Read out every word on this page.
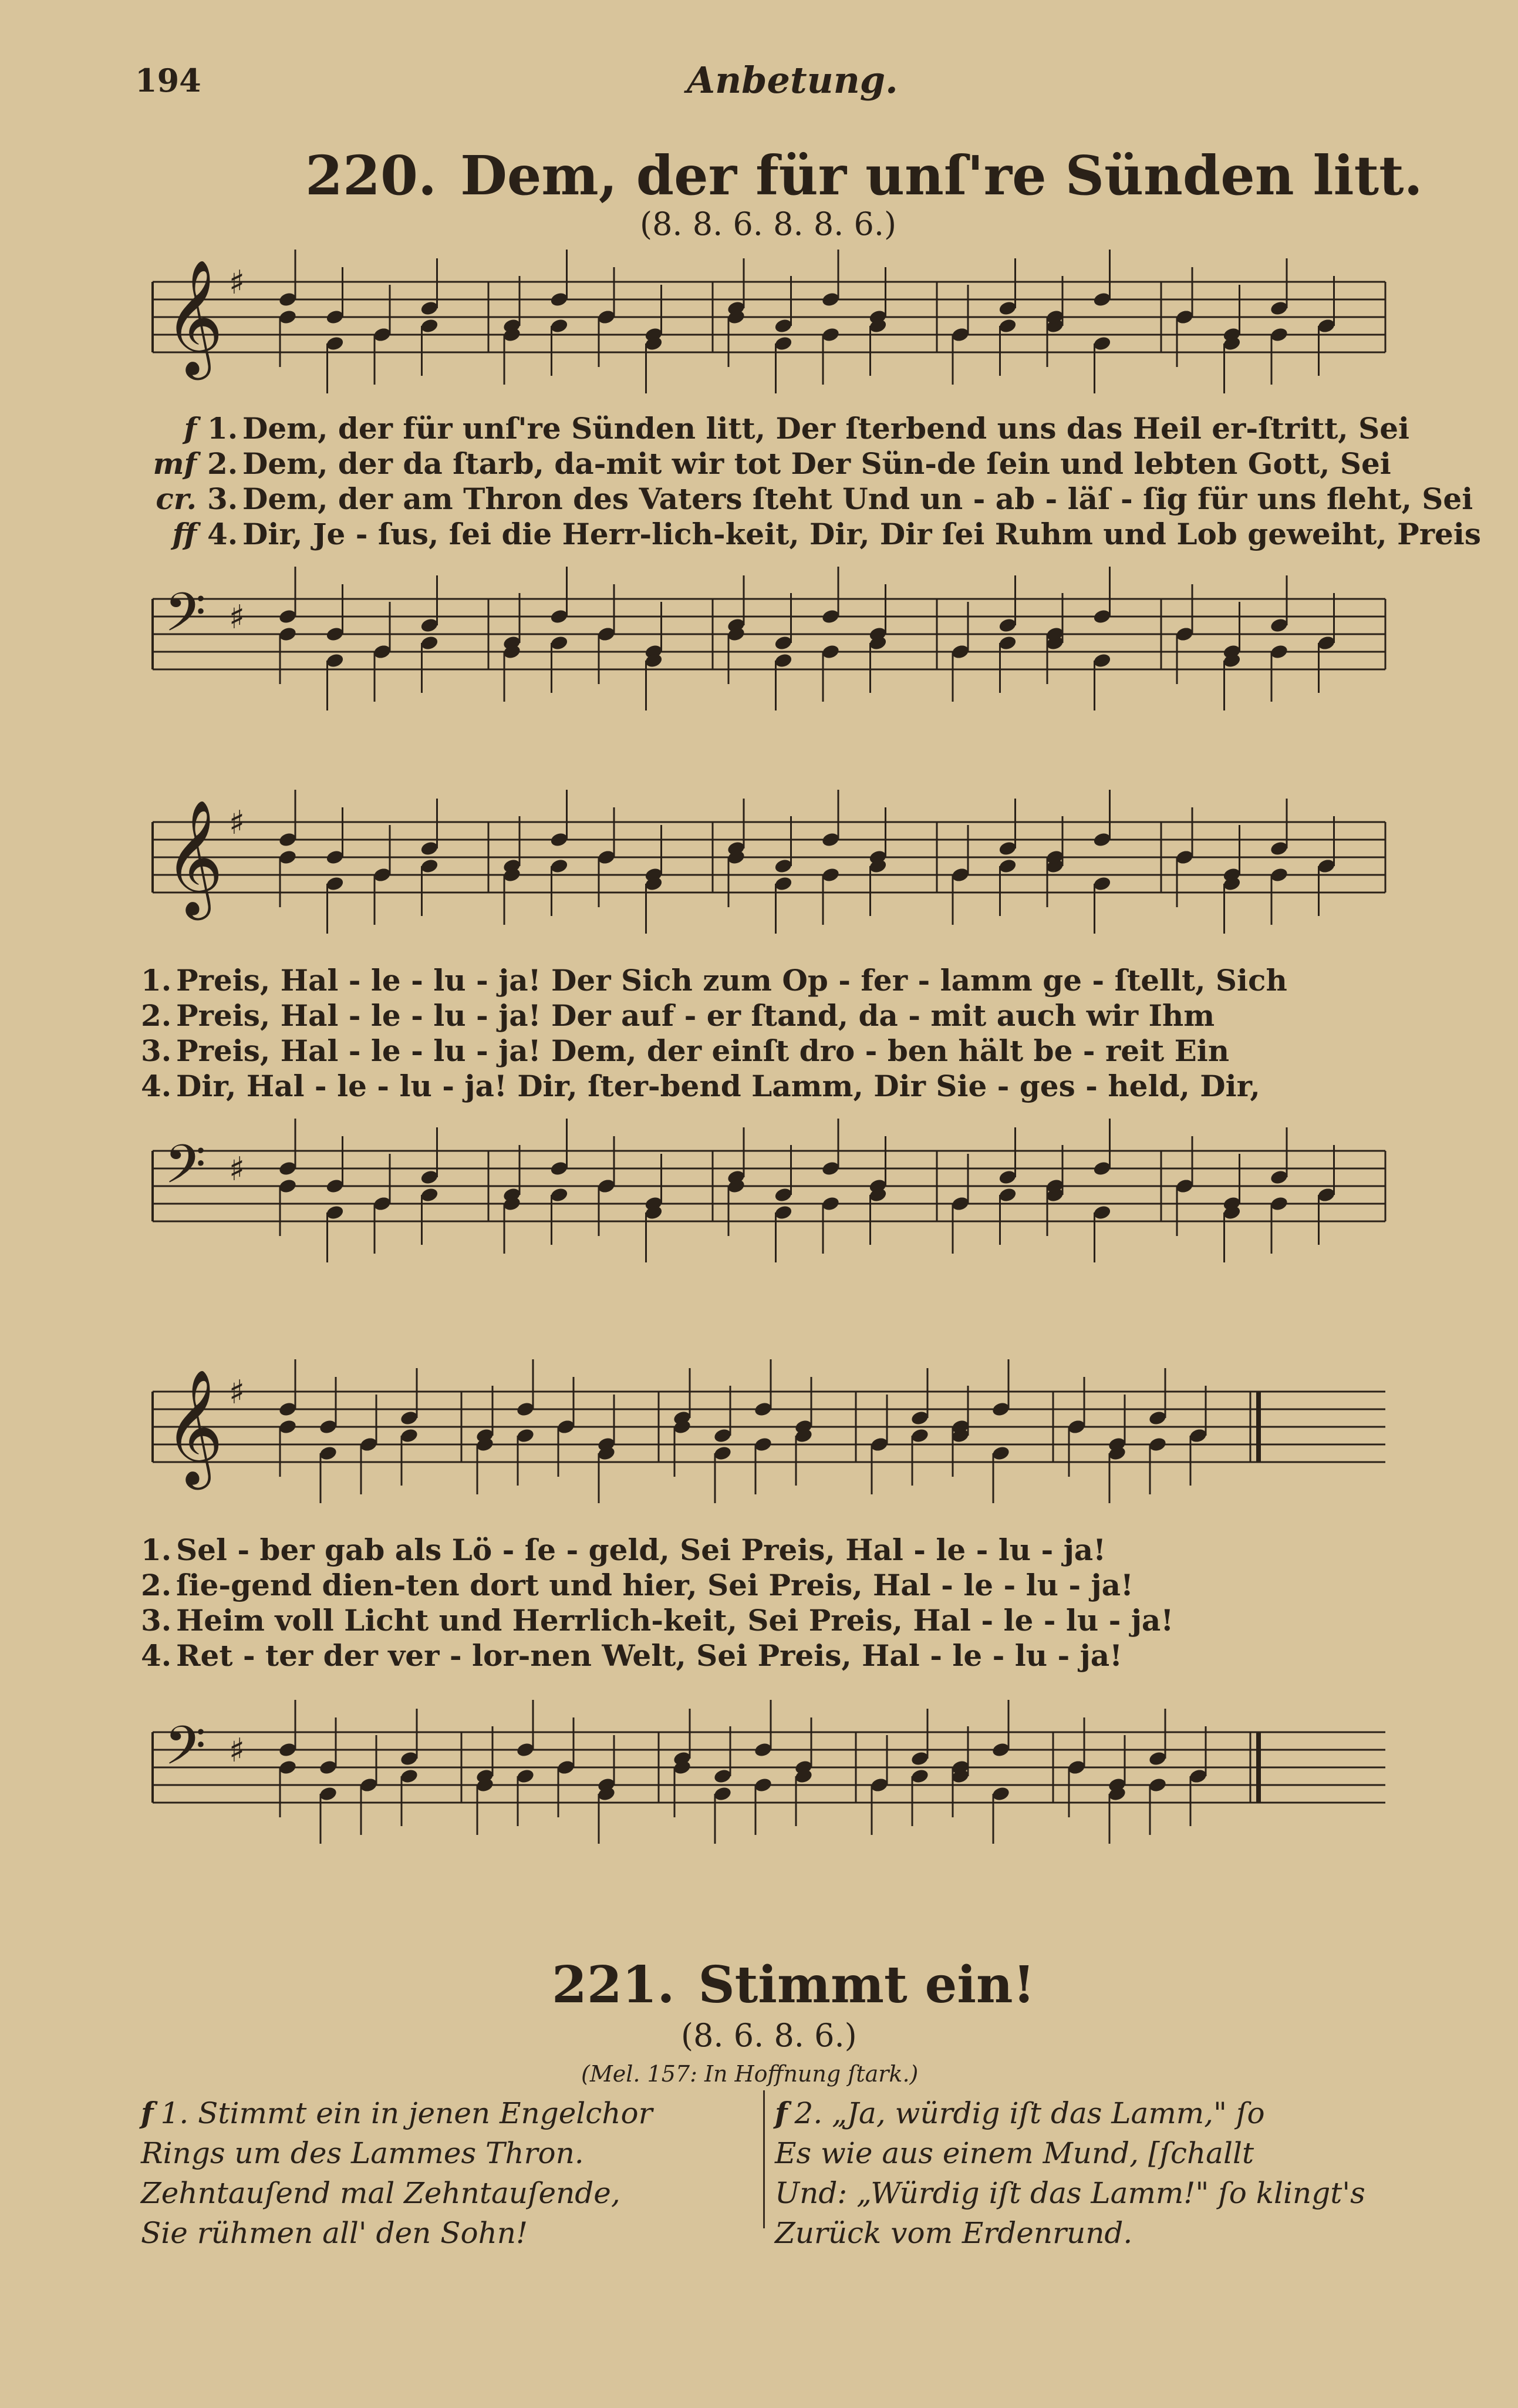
194	Anbetung.
220. Dem, der für unſ're Sünden litt.
(8. 8. 6. 8. 8. 6.)
𝄞 ♯
f 1. Dem, der für unſ're Sünden litt, Der ſterbend uns das Heil er-ſtritt, Sei
mf 2. Dem, der da ſtarb, da-mit wir tot Der Sün-de ſein und lebten Gott, Sei
cr. 3. Dem, der am Thron des Vaters ſteht Und un - ab - läſ - ſig für uns fleht, Sei
ff 4. Dir, Je - ſus, ſei die Herr-lich-keit, Dir, Dir ſei Ruhm und Lob geweiht, Preis
𝄢 ♯
𝄞 ♯
1. Preis, Hal - le - lu - ja! Der Sich zum Op - fer - lamm ge - ſtellt, Sich
2. Preis, Hal - le - lu - ja! Der auf - er ſtand, da - mit auch wir Ihm
3. Preis, Hal - le - lu - ja! Dem, der einſt dro - ben hält be - reit Ein
4. Dir, Hal - le - lu - ja! Dir, ſter-bend Lamm, Dir Sie - ges - held, Dir,
𝄢 ♯
𝄞 ♯
1. Sel - ber gab als Lö - ſe - geld, Sei Preis, Hal - le - lu - ja!
2. ſie-gend dien-ten dort und hier, Sei Preis, Hal - le - lu - ja!
3. Heim voll Licht und Herrlich-keit, Sei Preis, Hal - le - lu - ja!
4. Ret - ter der ver - lor-nen Welt, Sei Preis, Hal - le - lu - ja!
𝄢 ♯
221. Stimmt ein!
(8. 6. 8. 6.)
(Mel. 157: In Hoffnung ſtark.)
f 1. Stimmt ein in jenen Engelchor
Rings um des Lammes Thron.
Zehntauſend mal Zehntauſende,
Sie rühmen all' den Sohn!
f 2. „Ja, würdig iſt das Lamm," ſo
Es wie aus einem Mund, [ſchallt
Und: „Würdig iſt das Lamm!" ſo klingt's
Zurück vom Erdenrund.
